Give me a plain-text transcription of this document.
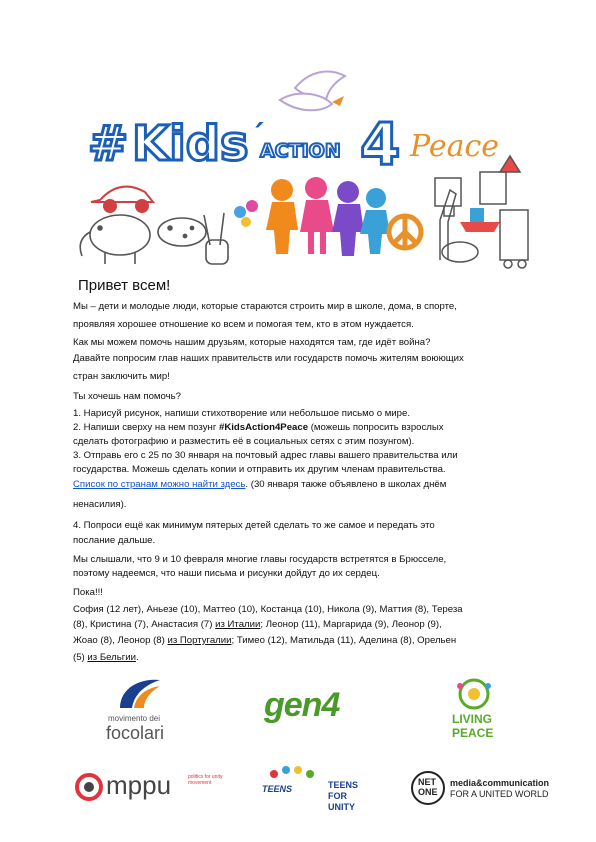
# Kids ´
ACTION 4 Peace
Привет всем!
Мы – дети и молодые люди, которые стараются строить мир в школе, дома, в спорте,
проявляя хорошее отношение ко всем и помогая тем, кто в этом нуждается.
Как мы можем помочь нашим друзьям, которые находятся там, где идёт война?
Давайте попросим глав наших правительств или государств помочь жителям воюющих
стран заключить мир!
Ты хочешь нам помочь?
1. Нарисуй рисунок, напиши стихотворение или небольшое письмо о мире.
2. Напиши сверху на нем позунг #KidsAction4Peace (можешь попросить взрослых
сделать фотографию и разместить её в социальных сетях с этим позунгом).
3. Отправь его с 25 по 30 января на почтовый адрес главы вашего правительства или
государства. Можешь сделать копии и отправить их другим членам правительства.
Список по странам можно найти здесь. (30 января также объявлено в школах днём
ненасилия).
4. Попроси ещё как минимум пятерых детей сделать то же самое и передать это
послание дальше.
Мы слышали, что 9 и 10 февраля многие главы государств встретятся в Брюсселе,
поэтому надеемся, что наши письма и рисунки дойдут до их сердец.
Пока!!!
София (12 лет), Аньезе (10), Маттео (10), Костанца (10), Никола (9), Маттия (8), Тереза
(8), Кристина (7), Анастасия (7) из Италии; Леонор (11), Маргарида (9), Леонор (9),
Жоао (8), Леонор (8) из Португалии; Тимео (12), Матильда (11), Аделина (8), Орельен
(5) из Бельгии.
movimento dei
focolari
gen4	LIVING
PEACE
mppu	politics for unity movement
TEENS	TEENS
FOR
UNITY
NET
ONE
media&communication
FOR A UNITED WORLD
